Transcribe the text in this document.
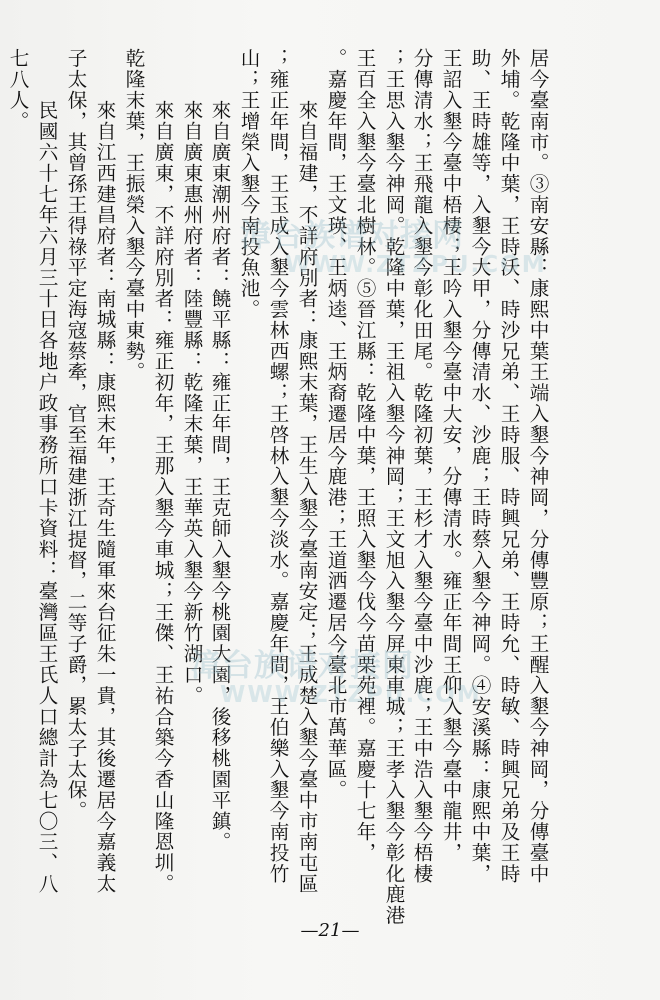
居今臺南市。③南安縣：康熙中葉王端入墾今神岡，分傳豐原；王醒入墾今神岡，分傳臺中
外埔。乾隆中葉，王時沃、時沙兄弟、王時服、時興兄弟、王時允、時敏、時興兄弟及王時
助、王時雄等，入墾今大甲，分傳清水、沙鹿；王時蔡入墾今神岡。④安溪縣：康熙中葉，
王詔入墾今臺中梧棲；王吟入墾今臺中大安，分傳清水。雍正年間王仰入墾今臺中龍井，
分傳清水；王飛龍入墾今彰化田尾。乾隆初葉，王杉才入墾今臺中沙鹿；王中浩入墾今梧棲
；王思入墾今神岡。乾隆中葉，王祖入墾今神岡；王文旭入墾今屏東車城；王孝入墾今彰化鹿港
王百全入墾今臺北樹林。⑤晉江縣：乾隆中葉，王照入墾今伐今苗栗苑裡。嘉慶十七年，
。嘉慶年間，王文瑛、王炳逵、王炳裔遷居今鹿港；王道洒遷居今臺北市萬華區。
來自福建，不詳府別者：康熙末葉，王生入墾今臺南安定；王成楚入墾今臺中市南屯區
；雍正年間，王玉成入墾今雲林西螺；王啓林入墾今淡水。嘉慶年間，王伯樂入墾今南投竹
山；王增榮入墾今南投魚池。
來自廣東潮州府者：饒平縣：雍正年間，王克師入墾今桃園大園，後移桃園平鎮。
來自廣東惠州府者：陸豐縣：乾隆末葉，王華英入墾今新竹湖口。
來自廣東，不詳府別者：雍正初年，王那入墾今車城；王傑、王祐合築今香山隆恩圳。
乾隆末葉，王振榮入墾今臺中東勢。
來自江西建昌府者：南城縣：康熙末年，王奇生隨軍來台征朱一貴，其後遷居今嘉義太
子太保，其曾孫王得祿平定海寇蔡牽，官至福建浙江提督，二等子爵，累太子太保。
民國六十七年六月三十日各地户政事務所口卡資料：臺灣區王氏人口總計為七〇三、八
七八人。
漳台族谱对接网
WWW.ZTZPU.COM
漳台族谱对接网
WWW.ZTZPU.COM
—21—
